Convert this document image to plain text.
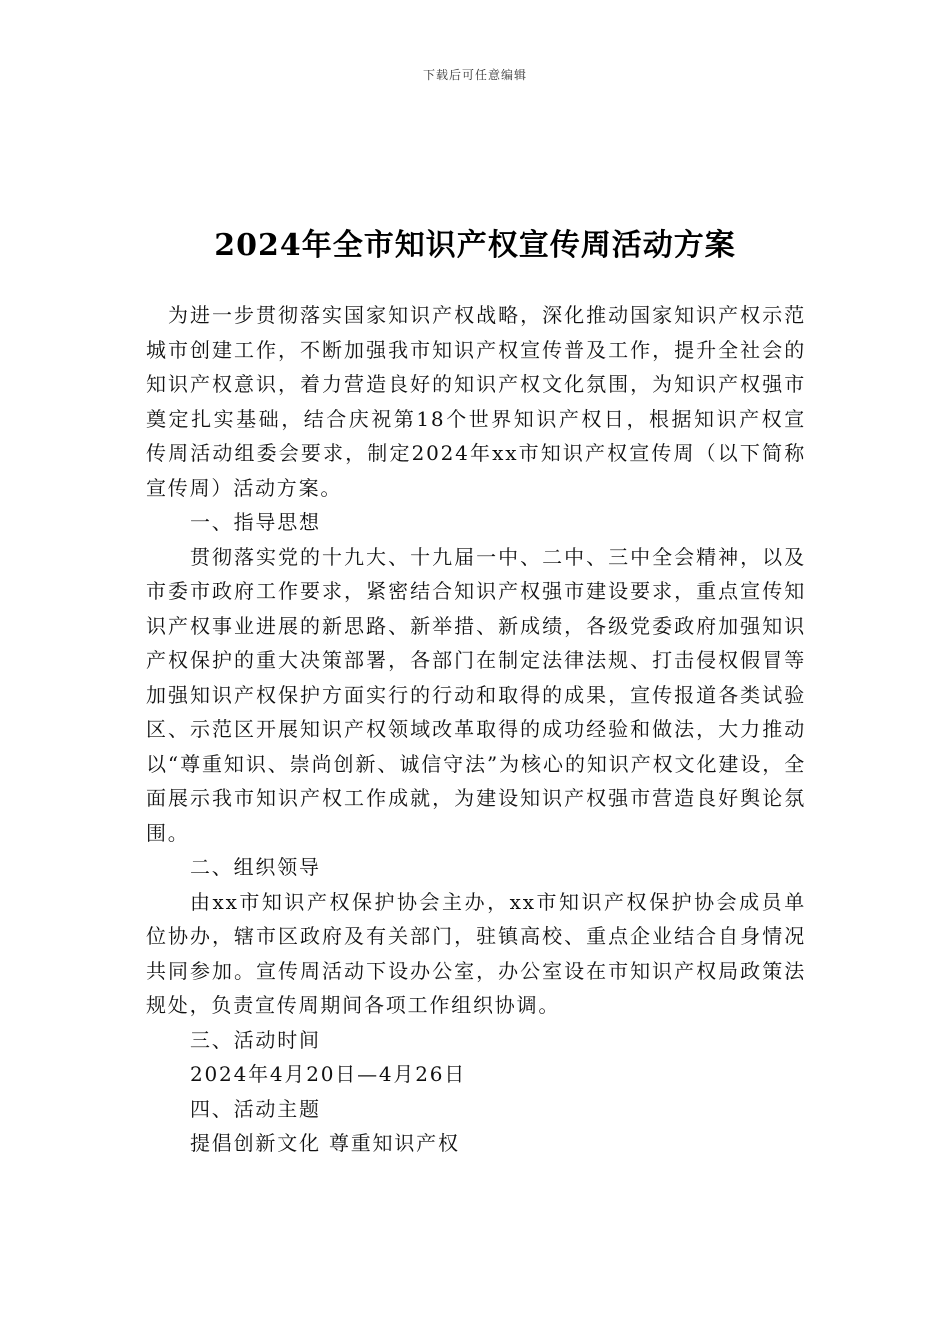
下载后可任意编辑
2024年全市知识产权宣传周活动方案

为进一步贯彻落实国家知识产权战略，深化推动国家知识产权示范城市创建工作，不断加强我市知识产权宣传普及工作，提升全社会的知识产权意识，着力营造良好的知识产权文化氛围，为知识产权强市奠定扎实基础，结合庆祝第18个世界知识产权日，根据知识产权宣传周活动组委会要求，制定2024年xx市知识产权宣传周（以下简称宣传周）活动方案。

一、指导思想

贯彻落实党的十九大、十九届一中、二中、三中全会精神，以及市委市政府工作要求，紧密结合知识产权强市建设要求，重点宣传知识产权事业进展的新思路、新举措、新成绩，各级党委政府加强知识产权保护的重大决策部署，各部门在制定法律法规、打击侵权假冒等加强知识产权保护方面实行的行动和取得的成果，宣传报道各类试验区、示范区开展知识产权领域改革取得的成功经验和做法，大力推动以“尊重知识、崇尚创新、诚信守法”为核心的知识产权文化建设，全面展示我市知识产权工作成就，为建设知识产权强市营造良好舆论氛围。

二、组织领导

由xx市知识产权保护协会主办，xx市知识产权保护协会成员单位协办，辖市区政府及有关部门，驻镇高校、重点企业结合自身情况共同参加。宣传周活动下设办公室，办公室设在市知识产权局政策法规处，负责宣传周期间各项工作组织协调。

三、活动时间

2024年4月20日—4月26日

四、活动主题

提倡创新文化 尊重知识产权
